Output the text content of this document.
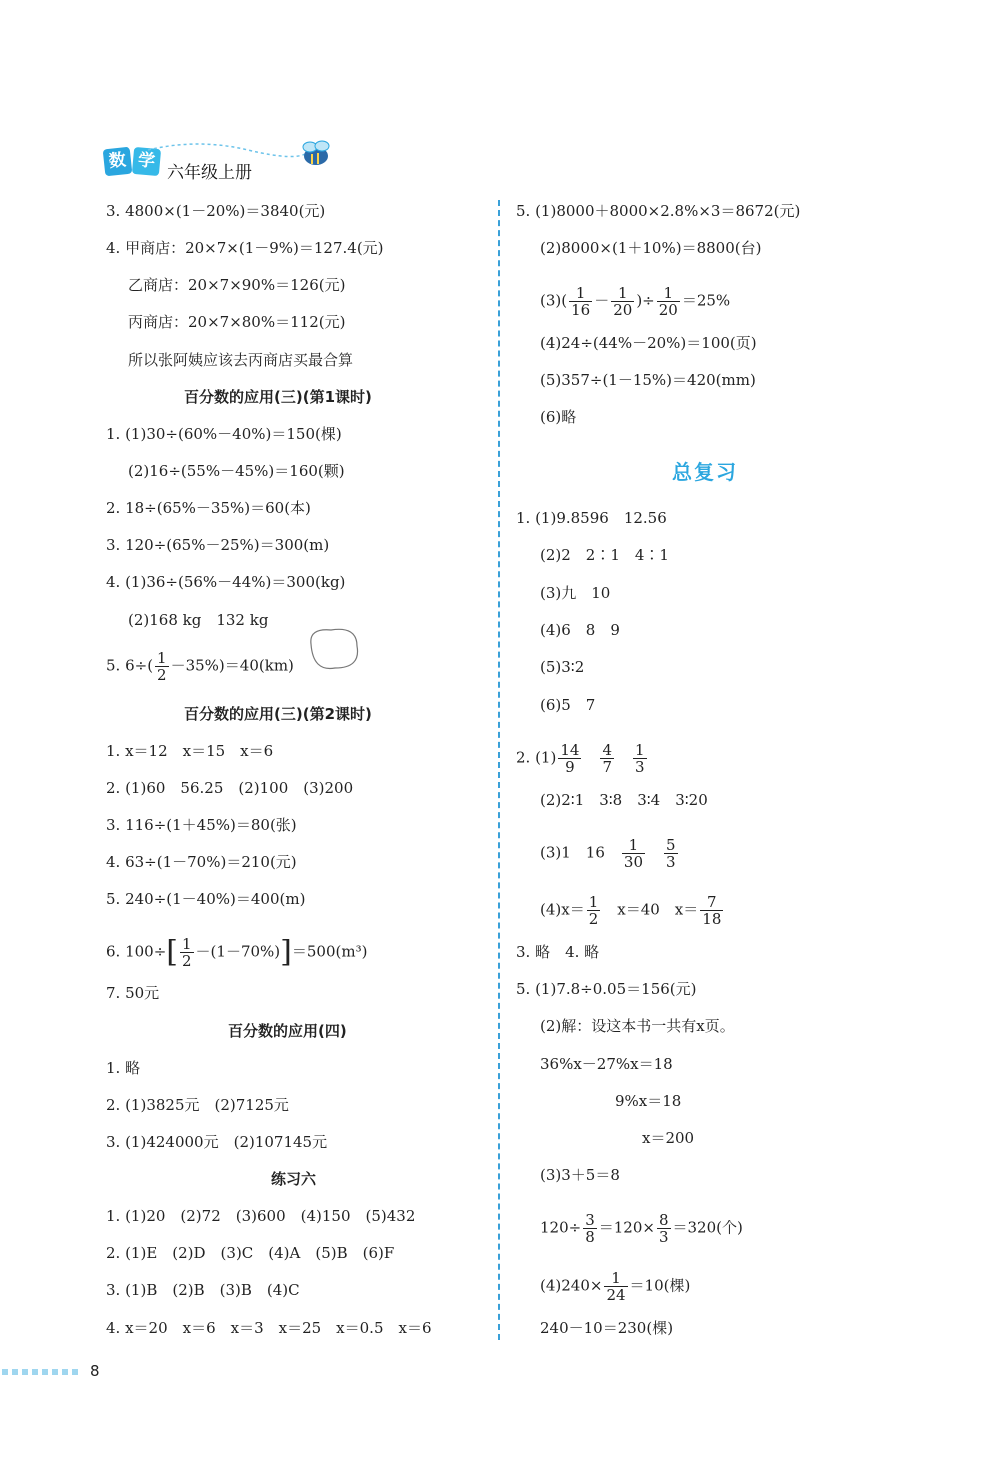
数 学
六年级上册
3. 4800×(1－20%)＝3840(元)
4. 甲商店：20×7×(1－9%)＝127.4(元)
乙商店：20×7×90%＝126(元)
丙商店：20×7×80%＝112(元)
所以张阿姨应该去丙商店买最合算
百分数的应用(三)(第1课时)
1. (1)30÷(60%－40%)＝150(棵)
(2)16÷(55%－45%)＝160(颗)
2. 18÷(65%－35%)＝60(本)
3. 120÷(65%－25%)＝300(m)
4. (1)36÷(56%－44%)＝300(kg)
(2)168 kg　132 kg
5. $6\div( \frac{1}{2} -35\%)=40(km)$
百分数的应用(三)(第2课时)
1. x＝12　x＝15　x＝6
2. (1)60　56.25　(2)100　(3)200
3. 116÷(1＋45%)＝80(张)
4. 63÷(1－70%)＝210(元)
5. 240÷(1－40%)＝400(m)
6. $100\div[ \frac{1}{2} -(1-70\%)]=500(m^3)$
7. 50元
百分数的应用(四)
1. 略
2. (1)3825元　(2)7125元
3. (1)424000元　(2)107145元
练习六
1. (1)20　(2)72　(3)600　(4)150　(5)432
2. (1)E　(2)D　(3)C　(4)A　(5)B　(6)F
3. (1)B　(2)B　(3)B　(4)C
4. x＝20　x＝6　x＝3　x＝25　x＝0.5　x＝6
5. (1)8000＋8000×2.8%×3＝8672(元)
(2)8000×(1＋10%)＝8800(台)
$(3)( \frac{1}{16} - \frac{1}{20}$ )÷ $\frac{1}{20} =25\%$
(4)24÷(44%－20%)＝100(页)
(5)357÷(1－15%)＝420(mm)
(6)略
总复习
1. (1)9.8596　12.56
(2)2　2∶1　4∶1
(3)九　10
(4)6　8　9
(5)3∶2
(6)5　7
2. $(1) \frac{14}{9}$
　 $\frac{4}{7}$
　 $\frac{1}{3}$
(2)2∶1　3∶8　3∶4　3∶20
(3)1　16　 $\frac{1}{30}$
　 $\frac{5}{3}$
$(4)x= \frac{1}{2}$ 　x＝40　$x= \frac{7}{18}$
3. 略　4. 略
5. (1)7.8÷0.05＝156(元)
(2)解：设这本书一共有x页。
36%x－27%x＝18
9%x＝18
x＝200
(3)3＋5＝8
$120\div \frac{3}{8} =120\times \frac{8}{3} =320$(个)
$(4)240\times \frac{1}{24} =10$(棵)
240－10＝230(棵)
8
